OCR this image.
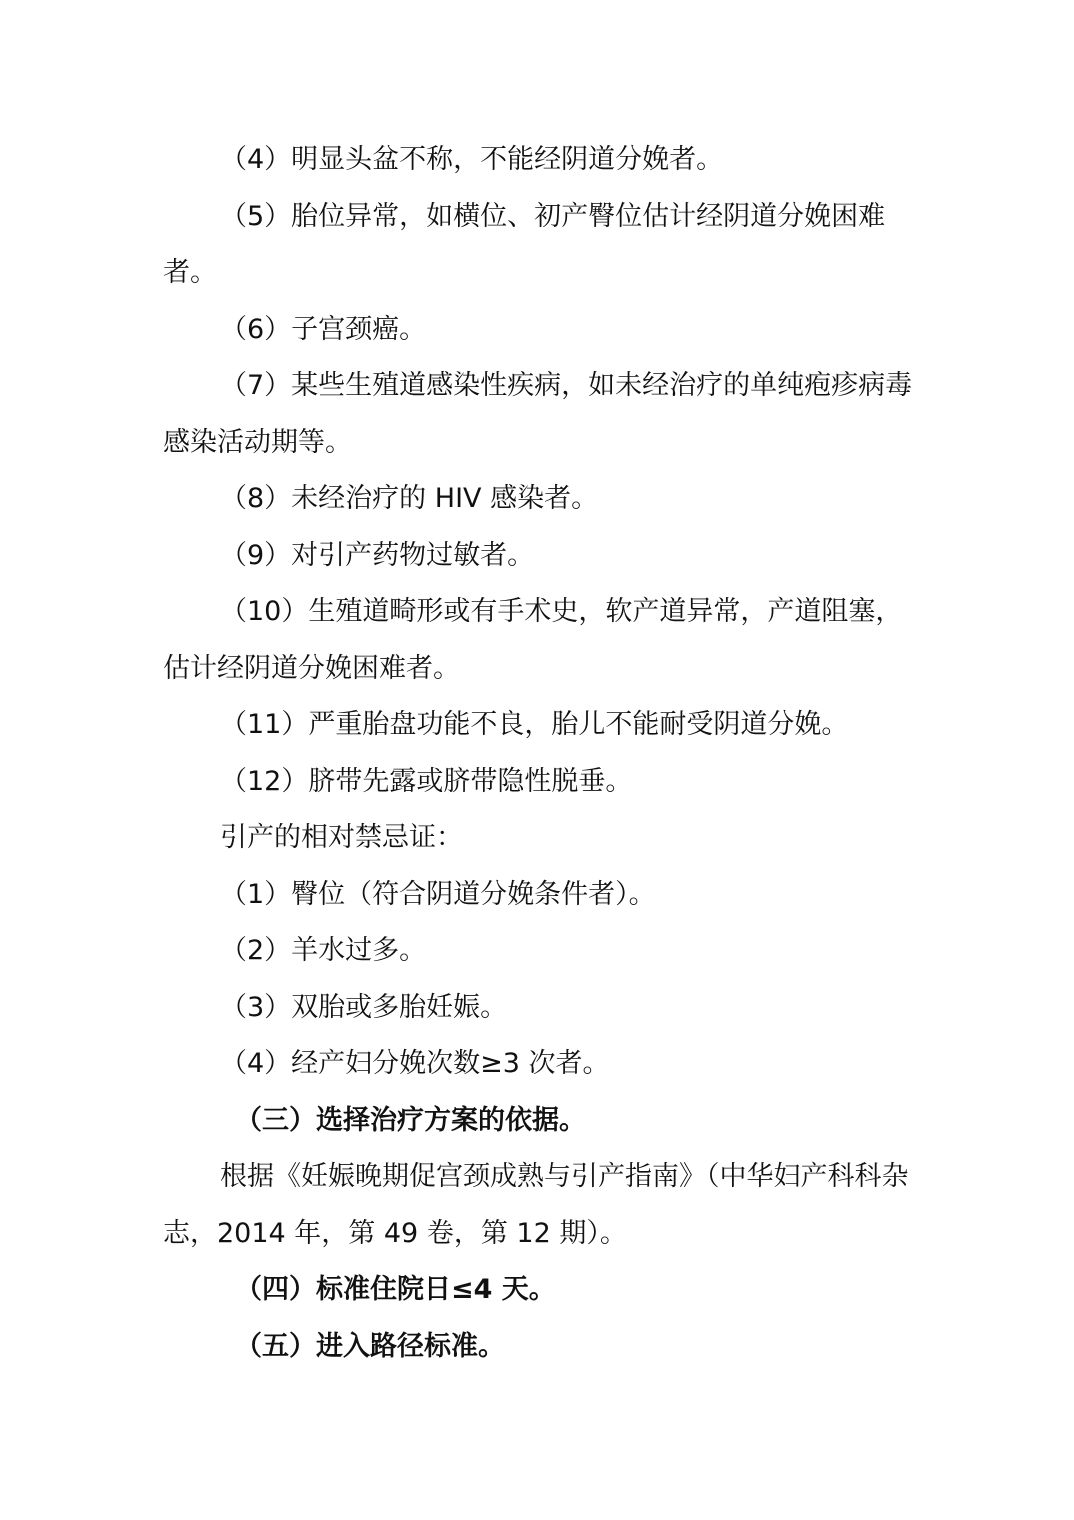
（4）明显头盆不称，不能经阴道分娩者。

（5）胎位异常，如横位、初产臀位估计经阴道分娩困难者。

（6）子宫颈癌。

（7）某些生殖道感染性疾病，如未经治疗的单纯疱疹病毒感染活动期等。

（8）未经治疗的 HIV 感染者。

（9）对引产药物过敏者。

（10）生殖道畸形或有手术史，软产道异常，产道阻塞，估计经阴道分娩困难者。

（11）严重胎盘功能不良，胎儿不能耐受阴道分娩。

（12）脐带先露或脐带隐性脱垂。

引产的相对禁忌证：

（1）臀位（符合阴道分娩条件者）。

（2）羊水过多。

（3）双胎或多胎妊娠。

（4）经产妇分娩次数≥3 次者。

（三）选择治疗方案的依据。

根据《妊娠晚期促宫颈成熟与引产指南》（中华妇产科科杂志，2014 年，第 49 卷，第 12 期）。

（四）标准住院日≤4 天。

（五）进入路径标准。
